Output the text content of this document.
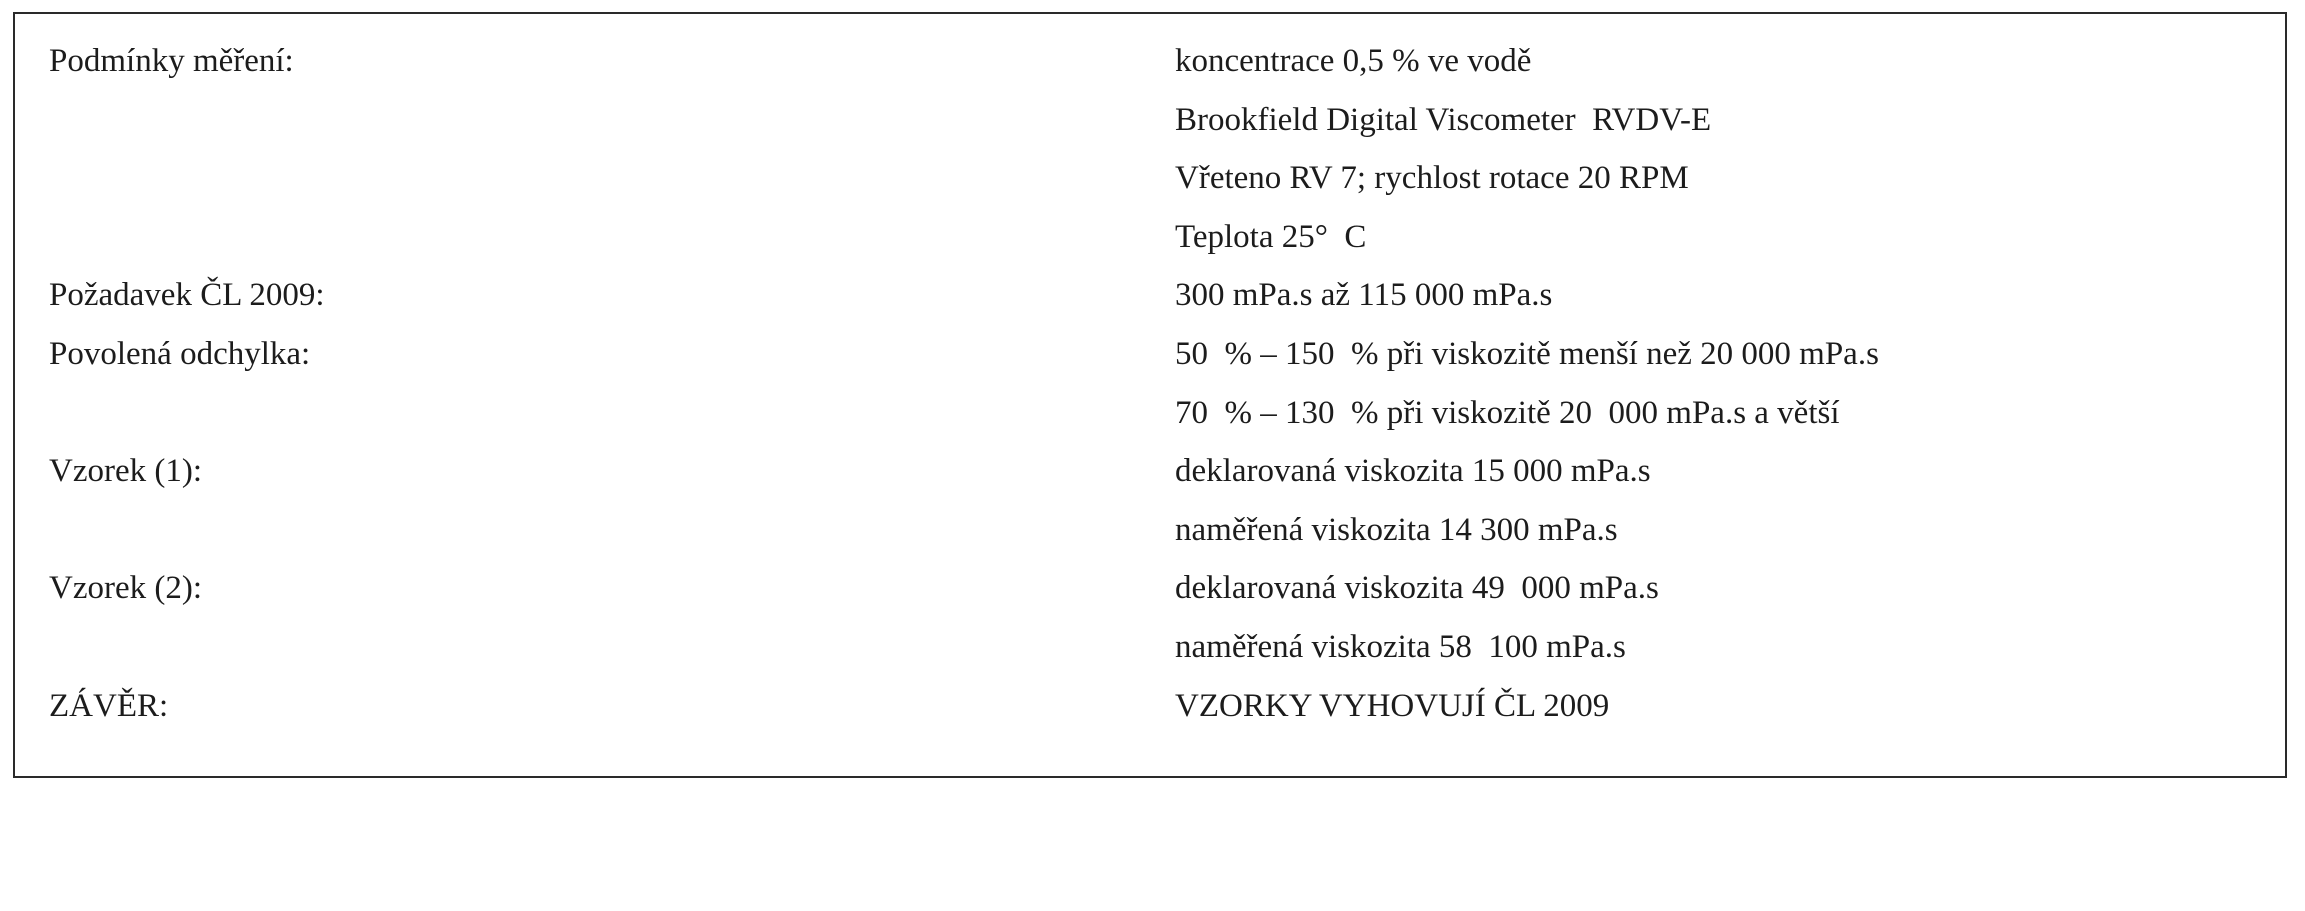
Podmínky měření:

	koncentrace 0,5 % ve vodě

Brookfield Digital Viscometer  RVDV-E

Vřeteno RV 7; rychlost rotace 20 RPM

Teplota 25°  C

Požadavek ČL 2009:

	300 mPa.s až 115 000 mPa.s

Povolená odchylka:

	50  % – 150  % při viskozitě menší než 20 000 mPa.s

70  % – 130  % při viskozitě 20  000 mPa.s a větší

Vzorek (1):

	deklarovaná viskozita 15 000 mPa.s

naměřená viskozita 14 300 mPa.s

Vzorek (2):

	deklarovaná viskozita 49  000 mPa.s

naměřená viskozita 58  100 mPa.s

ZÁVĚR:

	VZORKY VYHOVUJÍ ČL 2009
